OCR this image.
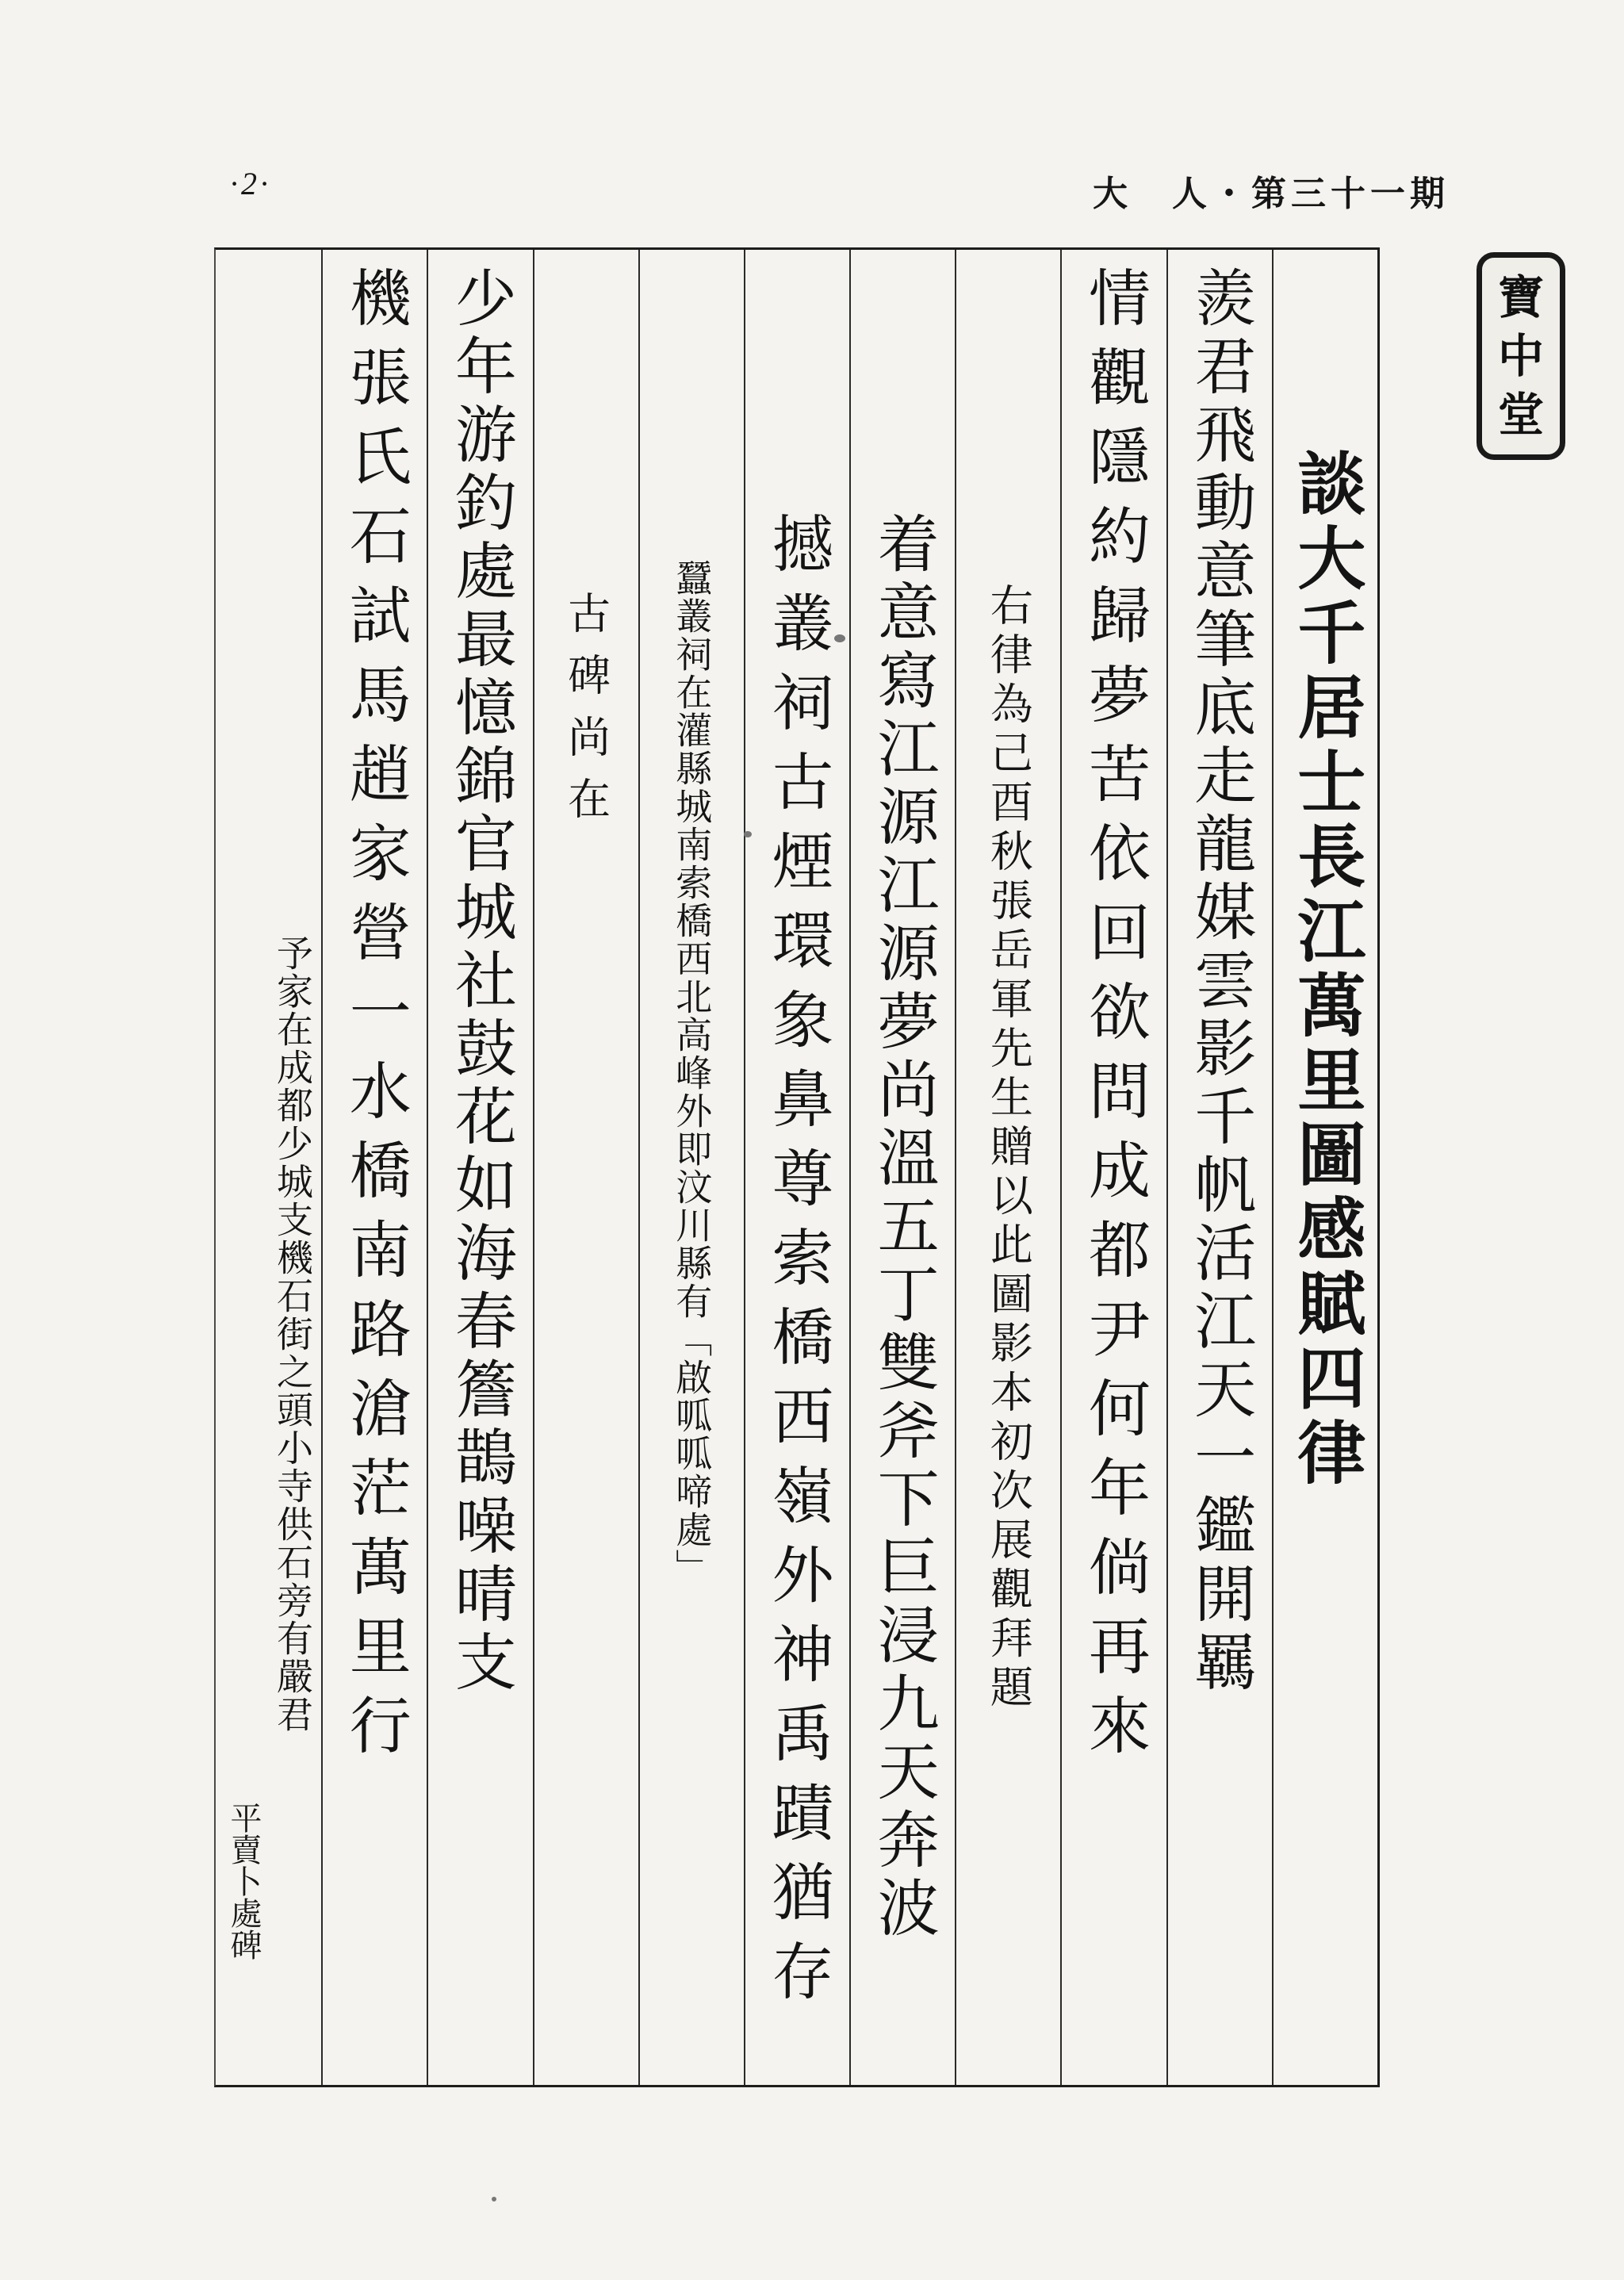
·2·	大　人・第三十一期
寶
中
堂
談大千居士長江萬里圖感賦四律
羨君飛動意筆底走龍媒雲影千帆活江天一鑑開羈
情觀隱約歸夢苦依回欲問成都尹何年倘再來
右律為己酉秋張岳軍先生贈以此圖影本初次展觀拜題
着意寫江源江源夢尚溫五丁雙斧下巨浸九天奔波
撼叢祠古煙環象鼻尊索橋西嶺外神禹蹟猶存
蠶叢祠在灌縣城南索橋西北高峰外即汶川縣有「啟呱呱啼處」
古碑尚在
少年游釣處最憶錦官城社鼓花如海春簷鵲噪晴支
機張氏石試馬趙家營一水橋南路滄茫萬里行
平賣卜處碑
予家在成都少城支機石街之頭小寺供石旁有嚴君
